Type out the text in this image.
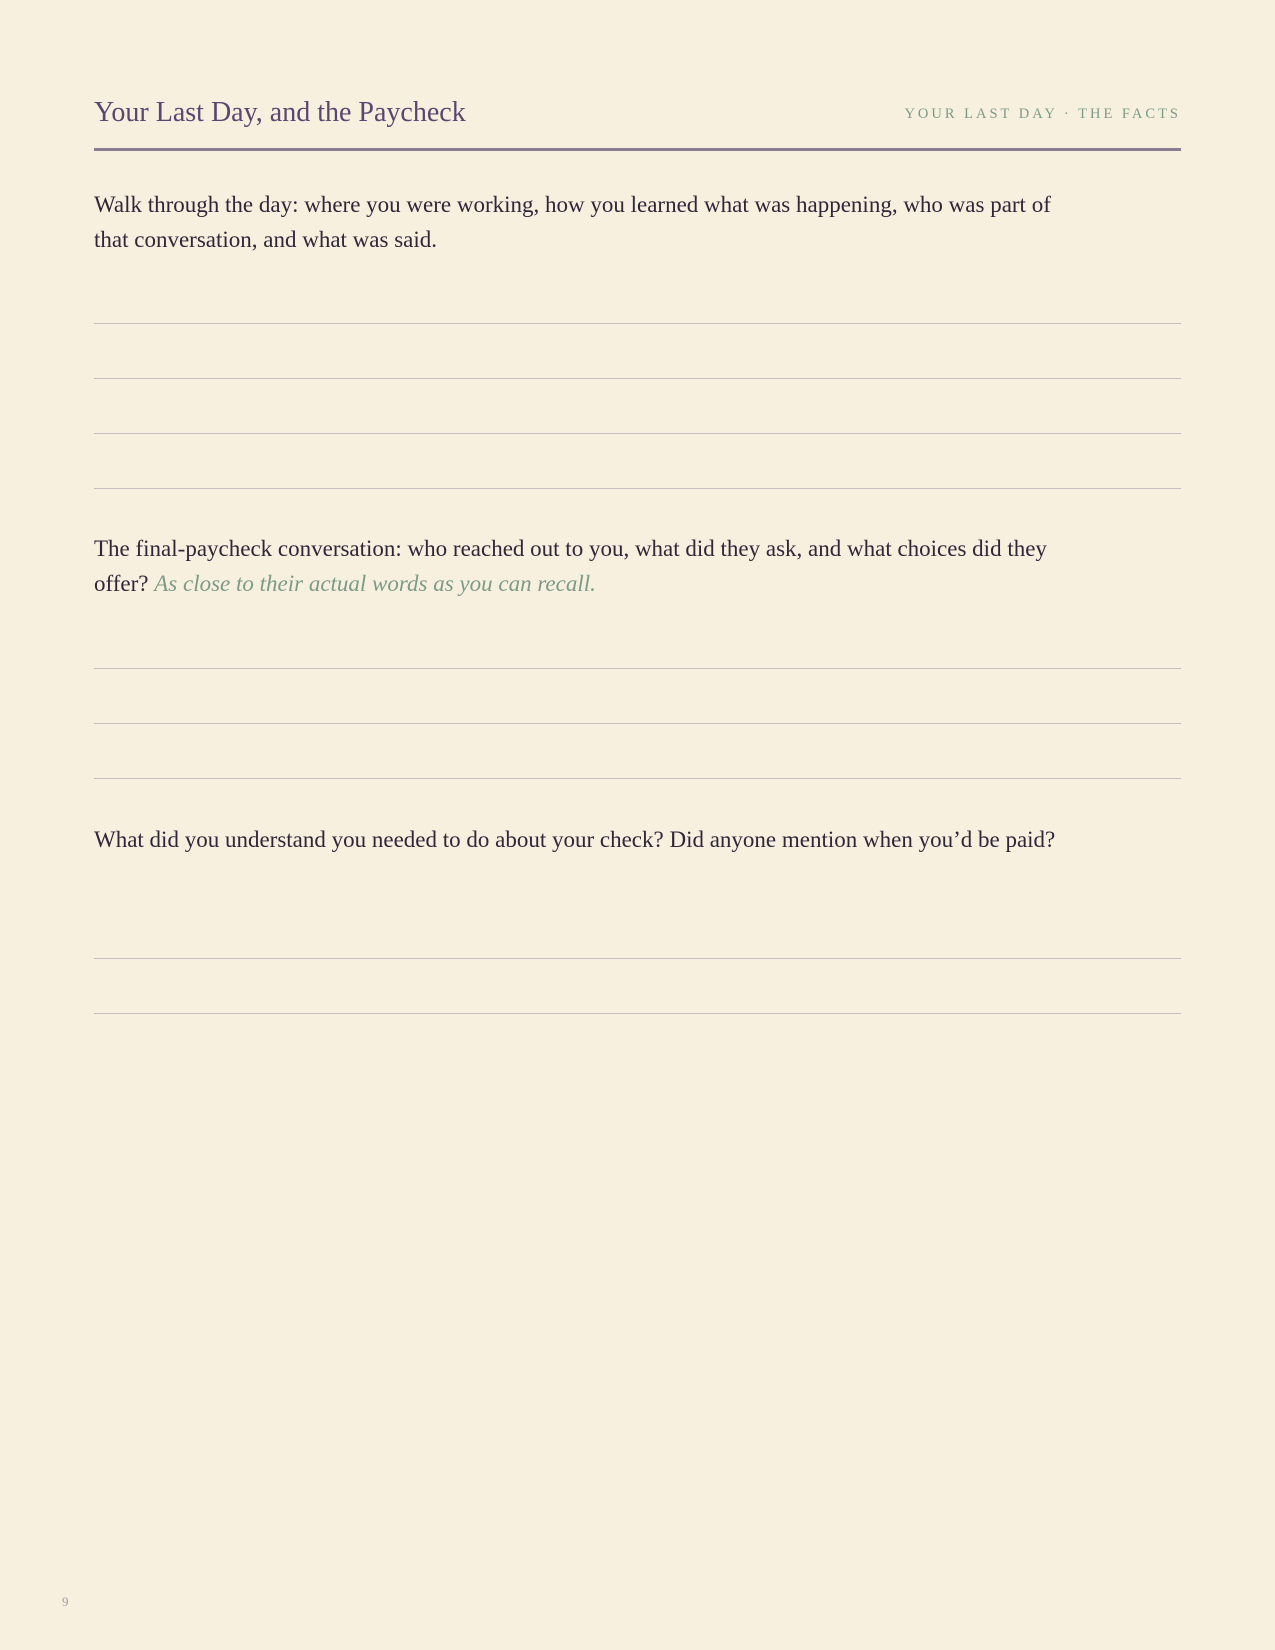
Your Last Day, and the Paycheck	YOUR LAST DAY · THE FACTS
Walk through the day: where you were working, how you learned what was happening, who was part of that conversation, and what was said.
The final-paycheck conversation: who reached out to you, what did they ask, and what choices did they offer? As close to their actual words as you can recall.
What did you understand you needed to do about your check? Did anyone mention when you’d be paid?
9
